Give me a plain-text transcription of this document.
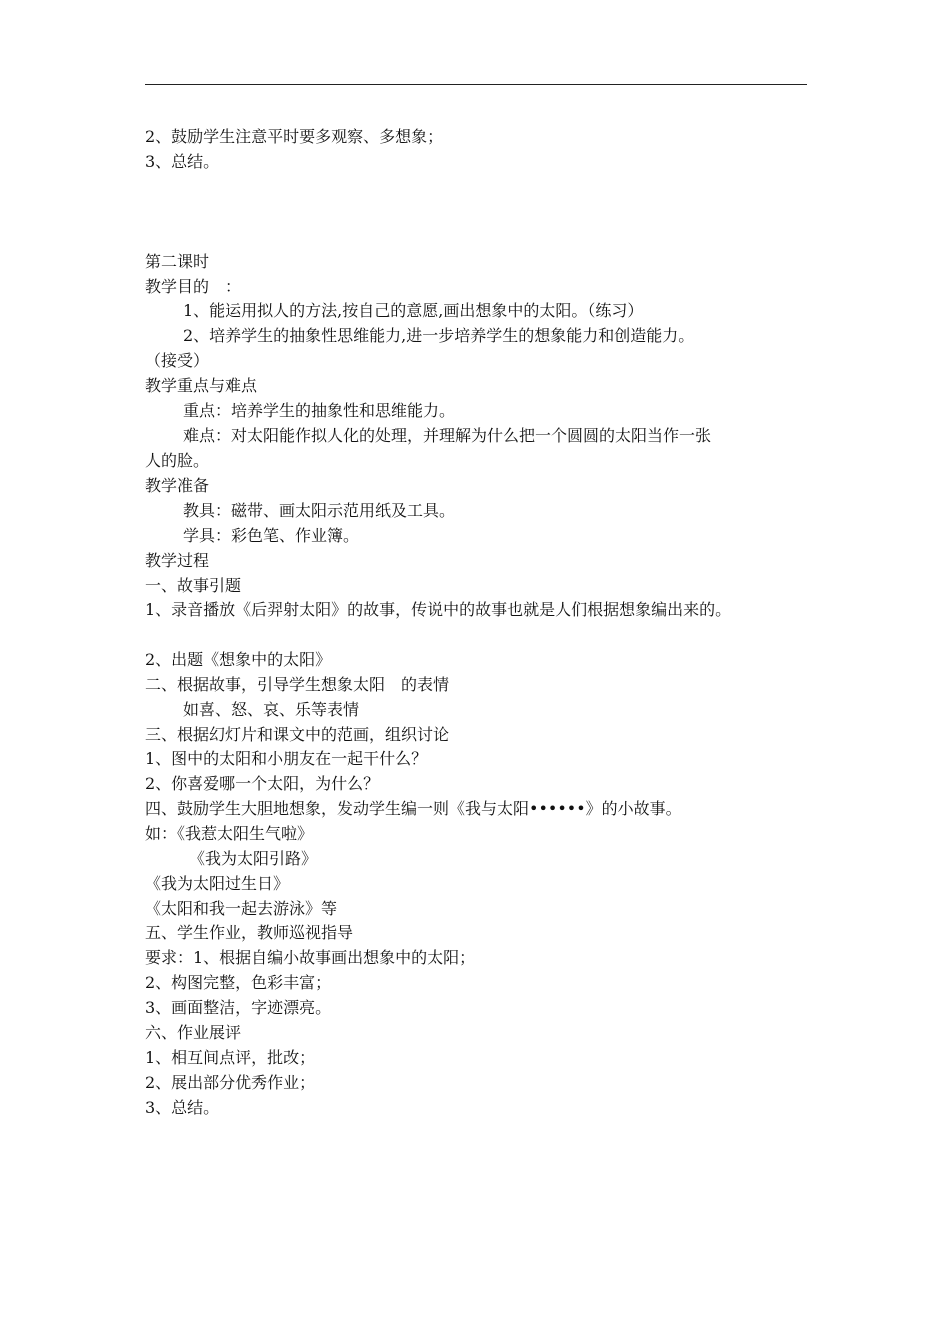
2、鼓励学生注意平时要多观察、多想象；
3、总结。
第二课时
教学目的　：
1、能运用拟人的方法,按自己的意愿,画出想象中的太阳。（练习）
2、培养学生的抽象性思维能力,进一步培养学生的想象能力和创造能力。
（接受）
教学重点与难点
重点：培养学生的抽象性和思维能力。
难点：对太阳能作拟人化的处理，并理解为什么把一个圆圆的太阳当作一张
人的脸。
教学准备
教具：磁带、画太阳示范用纸及工具。
学具：彩色笔、作业簿。
教学过程
一、故事引题
1、录音播放《后羿射太阳》的故事，传说中的故事也就是人们根据想象编出来的。
2、出题《想象中的太阳》
二、根据故事，引导学生想象太阳　的表情
如喜、怒、哀、乐等表情
三、根据幻灯片和课文中的范画，组织讨论
1、图中的太阳和小朋友在一起干什么？
2、你喜爱哪一个太阳，为什么？
四、鼓励学生大胆地想象，发动学生编一则《我与太阳••••••》的小故事。
如：《我惹太阳生气啦》
《我为太阳引路》
《我为太阳过生日》
《太阳和我一起去游泳》等
五、学生作业，教师巡视指导
要求：1、根据自编小故事画出想象中的太阳；
2、构图完整，色彩丰富；
3、画面整洁，字迹漂亮。
六、作业展评
1、相互间点评，批改；
2、展出部分优秀作业；
3、总结。
